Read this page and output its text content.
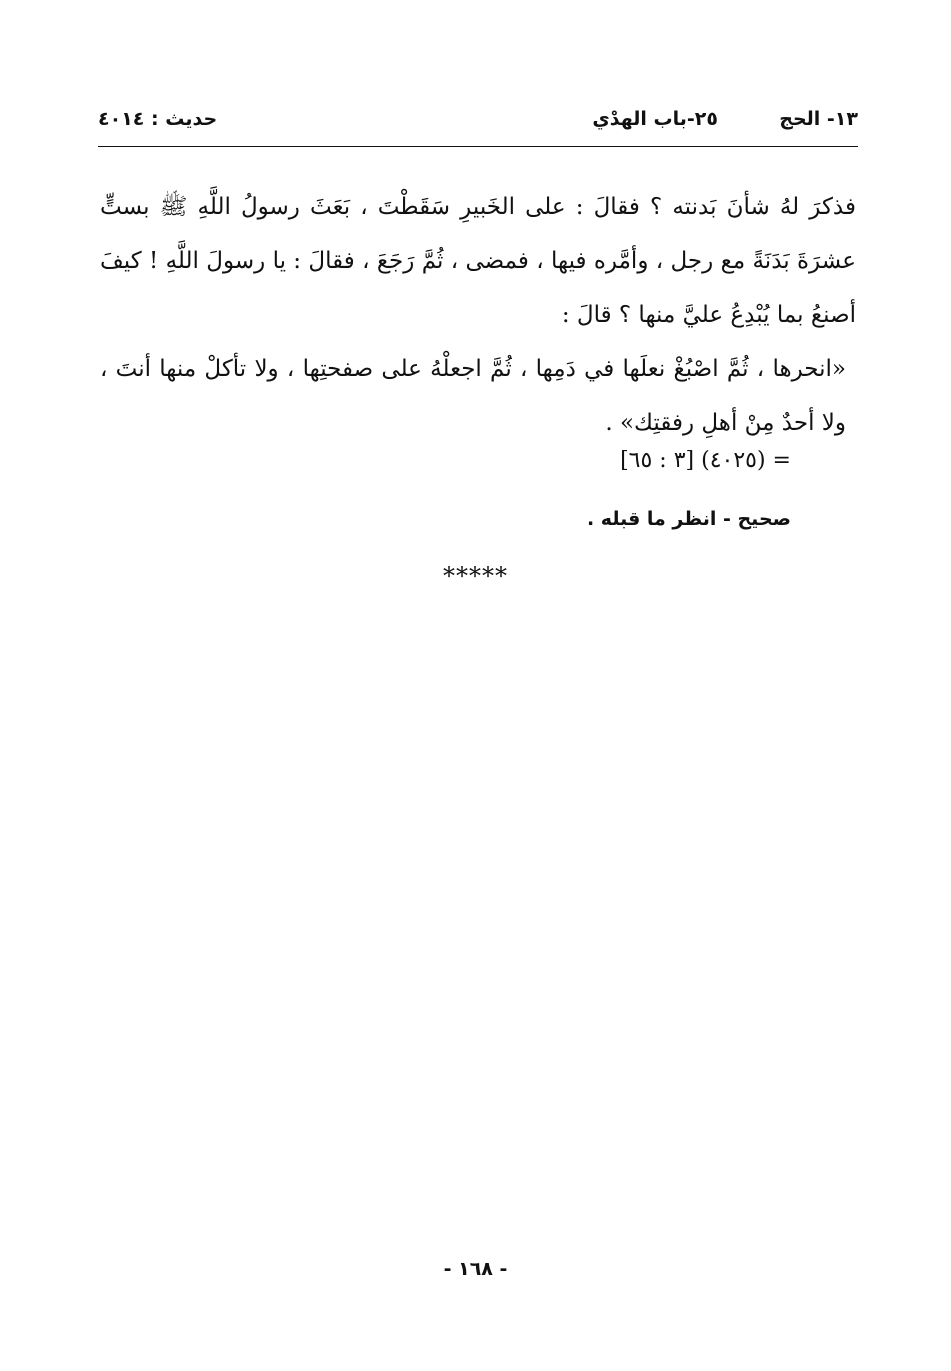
١٣- الحج
٢٥-باب الهدْي
حديث : ٤٠١٤

فذكرَ لهُ شأنَ بَدنته ؟ فقالَ : على الخَبيرِ سَقَطْتَ ، بَعَثَ رسولُ اللَّهِ ﷺ بستٍّ عشرَةَ بَدَنَةً مع رجل ، وأمَّره فيها ، فمضى ، ثُمَّ رَجَعَ ، فقالَ : يا رسولَ اللَّهِ ! كيفَ أصنعُ بما يُبْدِعُ عليَّ منها ؟ قالَ :

«انحرها ، ثُمَّ اصْبُغْ نعلَها في دَمِها ، ثُمَّ اجعلْهُ على صفحتِها ، ولا تأكلْ منها أنتَ ، ولا أحدٌ مِنْ أهلِ رفقتِك» .

= (٤٠٢٥) [٣ : ٦٥]
صحيح - انظر ما قبله .
*****
- ١٦٨ -
